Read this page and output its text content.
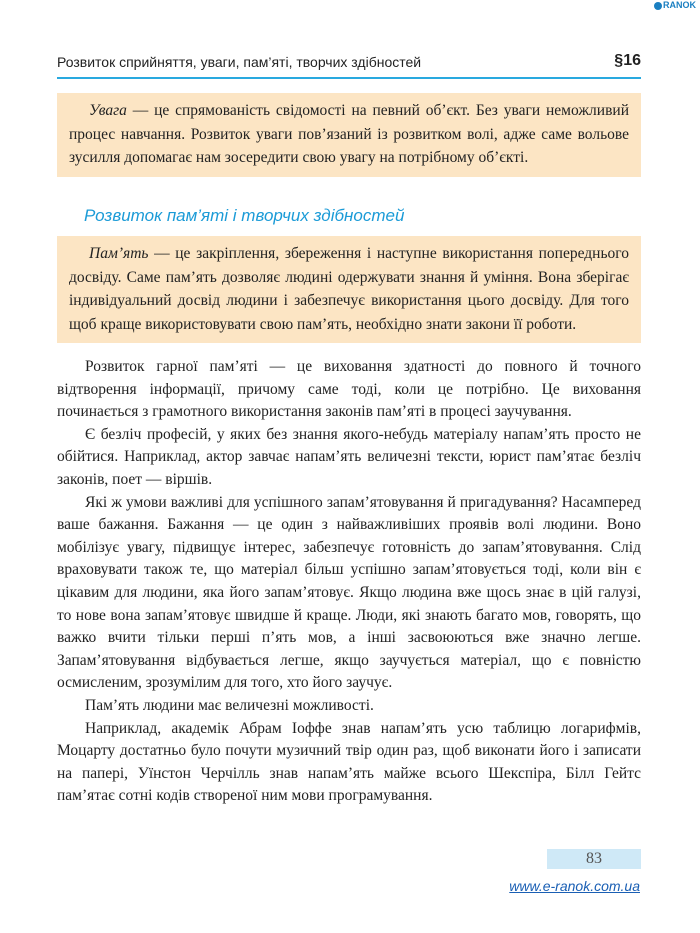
RANOK
Розвиток сприйняття, уваги, пам’яті, творчих здібностей	§16

Увага — це спрямованість свідомості на певний об’єкт. Без уваги неможливий процес навчання. Розвиток уваги пов’язаний із розвитком волі, адже саме вольове зусилля допомагає нам зосередити свою увагу на потрібному об’єкті.

Розвиток пам’яті і творчих здібностей

Пам’ять — це закріплення, збереження і наступне використання попереднього досвіду. Саме пам’ять дозволяє людині одержувати знання й уміння. Вона зберігає індивідуальний досвід людини і забезпечує використання цього досвіду. Для того щоб краще використовувати свою пам’ять, необхідно знати закони її роботи.

Розвиток гарної пам’яті — це виховання здатності до повного й точного відтворення інформації, причому саме тоді, коли це потрібно. Це виховання починається з грамотного використання законів пам’яті в процесі заучування.

Є безліч професій, у яких без знання якого-небудь матеріалу напам’ять просто не обійтися. Наприклад, актор завчає напам’ять величезні тексти, юрист пам’ятає безліч законів, поет — віршів.

Які ж умови важливі для успішного запам’ятовування й пригадування? Насамперед ваше бажання. Бажання — це один з найважливіших проявів волі людини. Воно мобілізує увагу, підвищує інтерес, забезпечує готовність до запам’ятовування. Слід враховувати також те, що матеріал більш успішно запам’ятовується тоді, коли він є цікавим для людини, яка його запам’ятовує. Якщо людина вже щось знає в цій галузі, то нове вона запам’ятовує швидше й краще. Люди, які знають багато мов, говорять, що важко вчити тільки перші п’ять мов, а інші засвоюються вже значно легше. Запам’ятовування відбувається легше, якщо заучується матеріал, що є повністю осмисленим, зрозумілим для того, хто його заучує.

Пам’ять людини має величезні можливості.

Наприклад, академік Абрам Іоффе знав напам’ять усю таблицю логарифмів, Моцарту достатньо було почути музичний твір один раз, щоб виконати його і записати на папері, Уїнстон Черчілль знав напам’ять майже всього Шекспіра, Білл Гейтс пам’ятає сотні кодів створеної ним мови програмування.

83
www.e-ranok.com.ua
